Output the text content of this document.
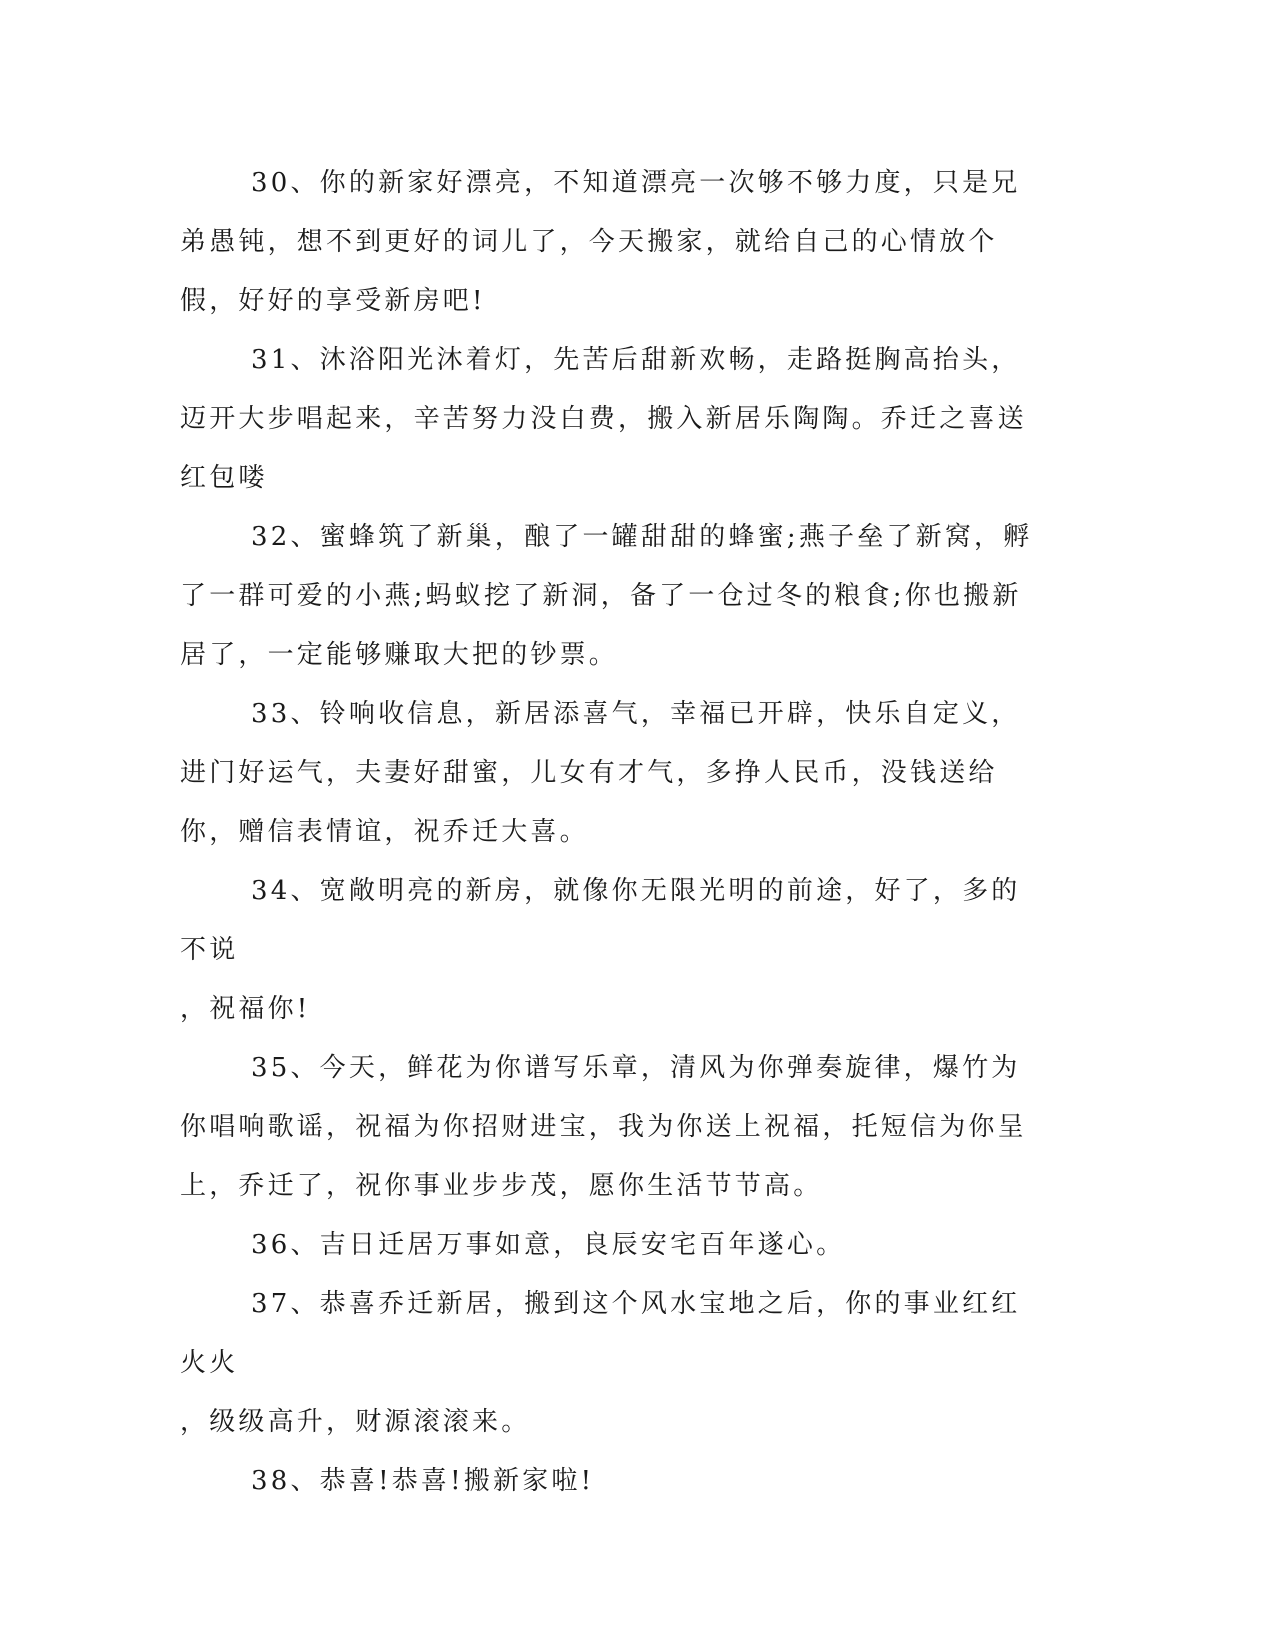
30、你的新家好漂亮，不知道漂亮一次够不够力度，只是兄弟愚钝，想不到更好的词儿了，今天搬家，就给自己的心情放个假，好好的享受新房吧!

31、沐浴阳光沐着灯，先苦后甜新欢畅，走路挺胸高抬头，迈开大步唱起来，辛苦努力没白费，搬入新居乐陶陶。乔迁之喜送红包喽

32、蜜蜂筑了新巢，酿了一罐甜甜的蜂蜜;燕子垒了新窝，孵了一群可爱的小燕;蚂蚁挖了新洞，备了一仓过冬的粮食;你也搬新居了，一定能够赚取大把的钞票。

33、铃响收信息，新居添喜气，幸福已开辟，快乐自定义，进门好运气，夫妻好甜蜜，儿女有才气，多挣人民币，没钱送给你，赠信表情谊，祝乔迁大喜。

34、宽敞明亮的新房，就像你无限光明的前途，好了，多的不说
，祝福你!

35、今天，鲜花为你谱写乐章，清风为你弹奏旋律，爆竹为你唱响歌谣，祝福为你招财进宝，我为你送上祝福，托短信为你呈上，乔迁了，祝你事业步步茂，愿你生活节节高。

36、吉日迁居万事如意，良辰安宅百年遂心。

37、恭喜乔迁新居，搬到这个风水宝地之后，你的事业红红火火
，级级高升，财源滚滚来。

38、恭喜!恭喜!搬新家啦!
